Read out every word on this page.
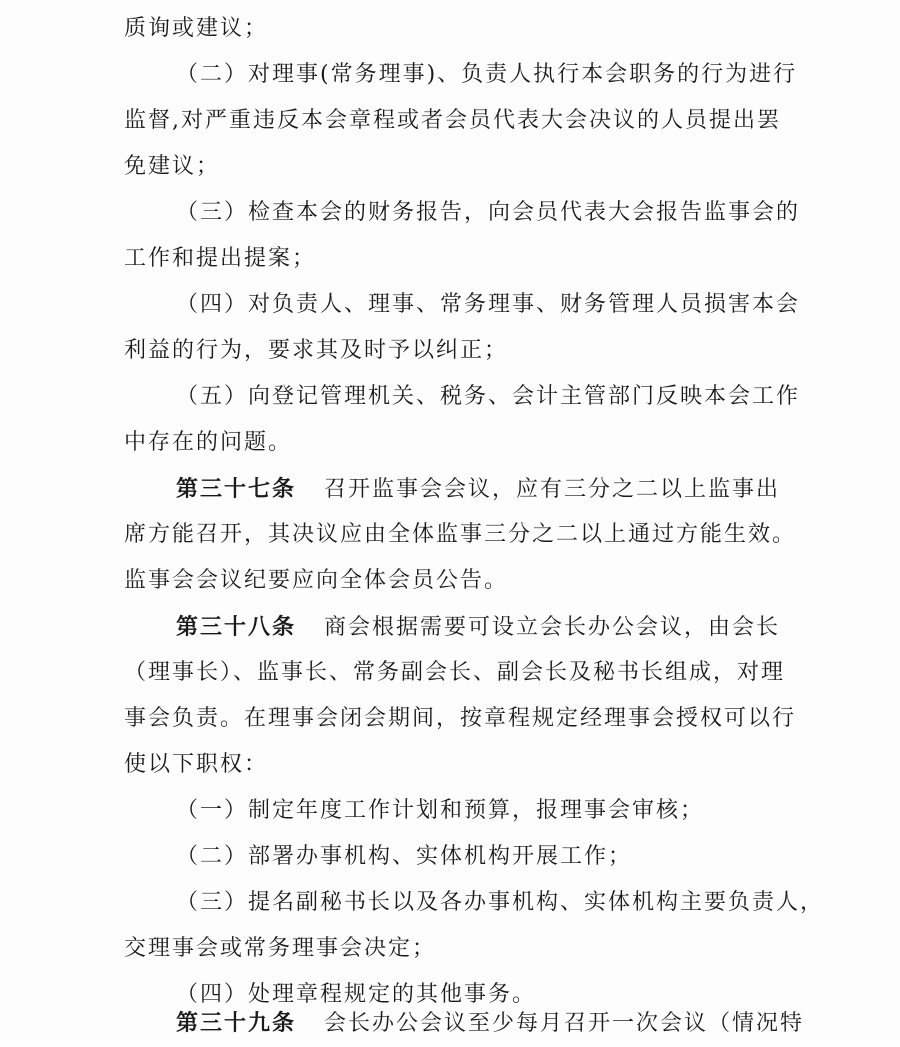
质询或建议；
（二）对理事(常务理事)、负责人执行本会职务的行为进行
监督,对严重违反本会章程或者会员代表大会决议的人员提出罢
免建议；
（三）检查本会的财务报告，向会员代表大会报告监事会的
工作和提出提案；
（四）对负责人、理事、常务理事、财务管理人员损害本会
利益的行为，要求其及时予以纠正；
（五）向登记管理机关、税务、会计主管部门反映本会工作
中存在的问题。
第三十七条 召开监事会会议，应有三分之二以上监事出
席方能召开，其决议应由全体监事三分之二以上通过方能生效。
监事会会议纪要应向全体会员公告。
第三十八条 商会根据需要可设立会长办公会议，由会长
（理事长）、监事长、常务副会长、副会长及秘书长组成，对理
事会负责。在理事会闭会期间，按章程规定经理事会授权可以行
使以下职权：
（一）制定年度工作计划和预算，报理事会审核；
（二）部署办事机构、实体机构开展工作；
（三）提名副秘书长以及各办事机构、实体机构主要负责人，
交理事会或常务理事会决定；
（四）处理章程规定的其他事务。
第三十九条 会长办公会议至少每月召开一次会议（情况特
